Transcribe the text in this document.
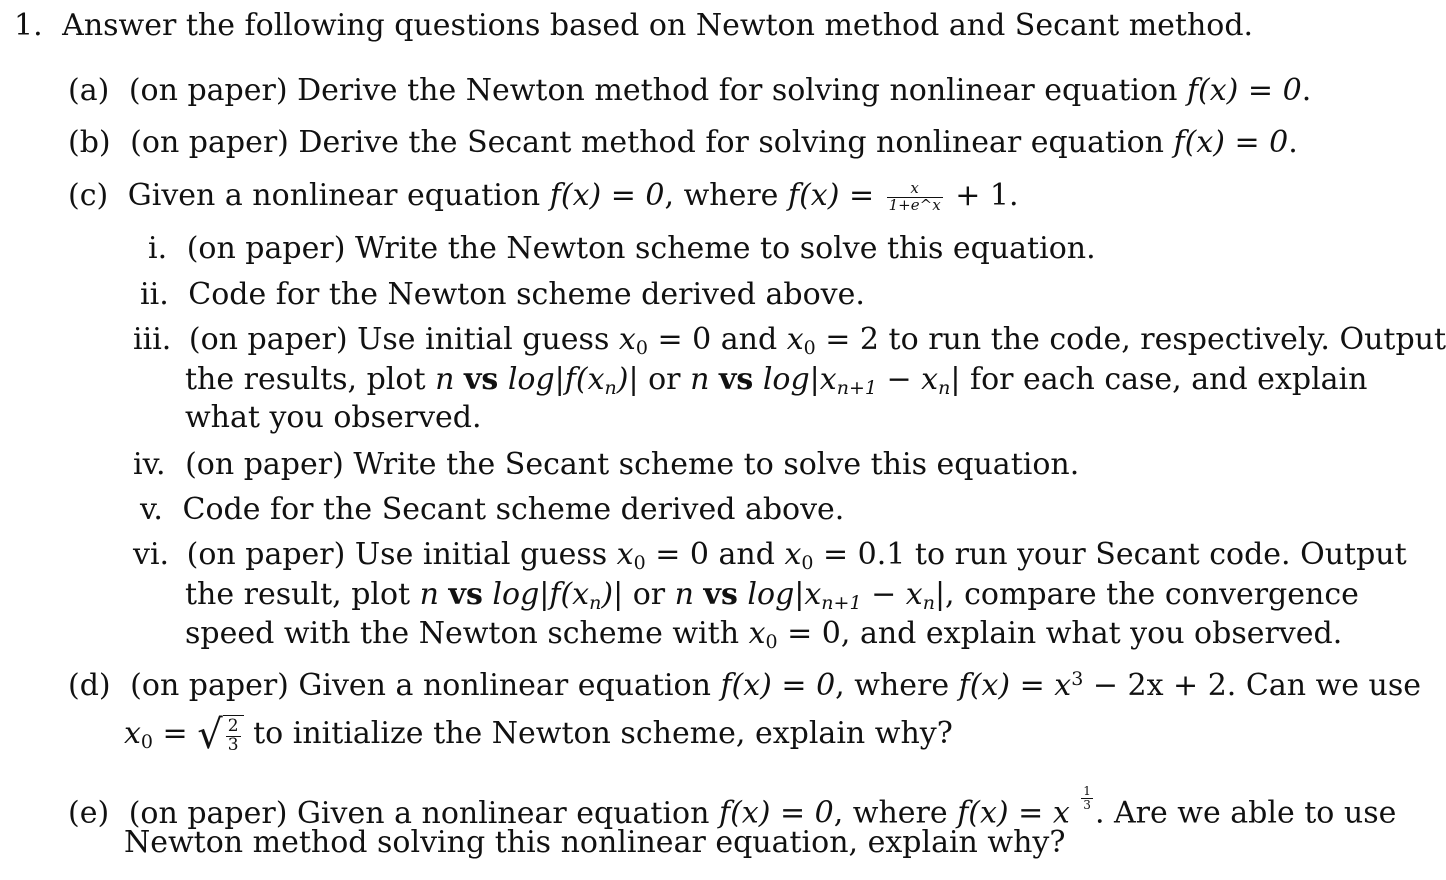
1. Answer the following questions based on Newton method and Secant method.
(a) (on paper) Derive the Newton method for solving nonlinear equation f(x) = 0.
(b) (on paper) Derive the Secant method for solving nonlinear equation f(x) = 0.
(c) Given a nonlinear equation f(x) = 0, where $f(x) = \frac{x}{1+e\^{}x} + 1$.
i. (on paper) Write the Newton scheme to solve this equation.
ii. Code for the Newton scheme derived above.
iii. (on paper) Use initial guess $x_0 = 0$ and $x_0 = 2$ to run the code, respectively. Output
the results, plot n vs $\log|f(x_n)|$ or n vs $\log|x_{n+1} - x_n|$ for each case, and explain
what you observed.
iv. (on paper) Write the Secant scheme to solve this equation.
v. Code for the Secant scheme derived above.
vi. (on paper) Use initial guess $x_0 = 0$ and $x_0 = 0.1$ to run your Secant code. Output
the result, plot n vs $\log|f(x_n)|$ or n vs $\log|x_{n+1} - x_n|$, compare the convergence
speed with the Newton scheme with $x_0 = 0$, and explain what you observed.
(d) (on paper) Given a nonlinear equation f(x) = 0, where $f(x) = x^3 - 2x + 2$. Can we use
$x_0$ = √ $\frac{2}{3}$ to initialize the Newton scheme, explain why?
(e) (on paper) Given a nonlinear equation f(x) = 0, where f(x) = x $\frac{1}{3}$ . Are we able to use
Newton method solving this nonlinear equation, explain why?
